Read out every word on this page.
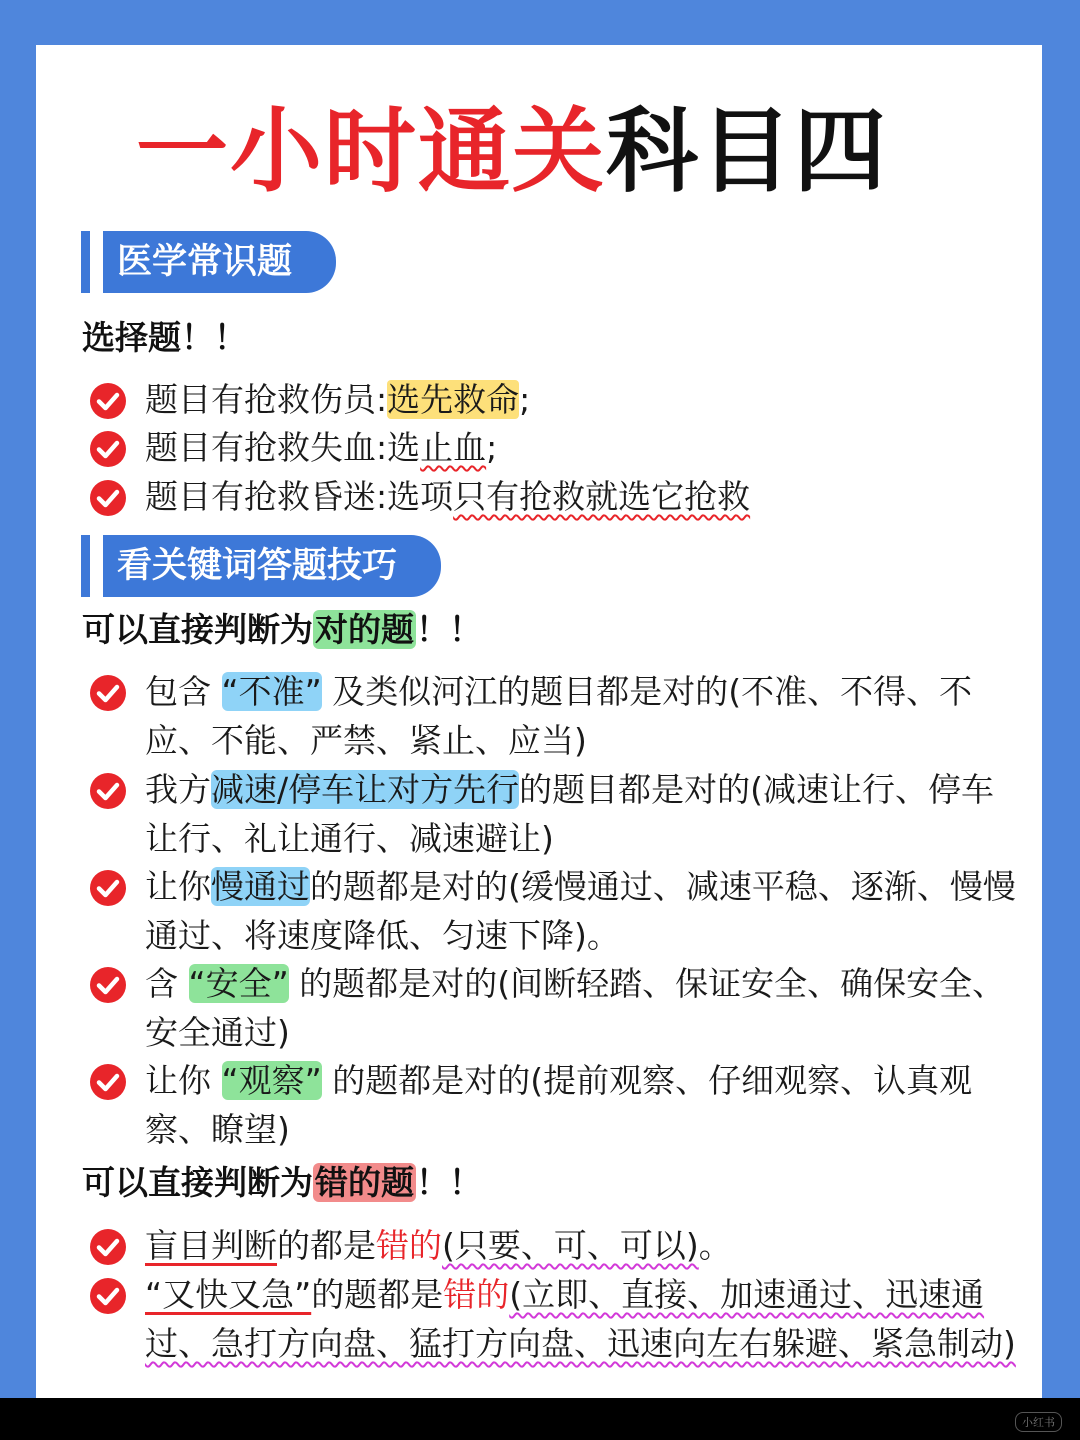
一小时通关科目四
医学常识题
选择题！！
题目有抢救伤员:选先救命;
题目有抢救失血:选止血;
题目有抢救昏迷:选项只有抢救就选它抢救
看关键词答题技巧
可以直接判断为对的题！！
包含 “不准” 及类似河江的题目都是对的(不准、不得、不应、不能、严禁、紧止、应当)
我方减速/停车让对方先行的题目都是对的(减速让行、停车让行、礼让通行、减速避让)
让你慢通过的题都是对的(缓慢通过、减速平稳、逐渐、慢慢通过、将速度降低、匀速下降)。
含 “安全” 的题都是对的(间断轻踏、保证安全、确保安全、安全通过)
让你 “观察” 的题都是对的(提前观察、仔细观察、认真观察、瞭望)
可以直接判断为错的题！！
盲目判断的都是错的(只要、可、可以)。
“又快又急”的题都是错的(立即、直接、加速通过、迅速通过、急打方向盘、猛打方向盘、迅速向左右躲避、紧急制动)
小红书
